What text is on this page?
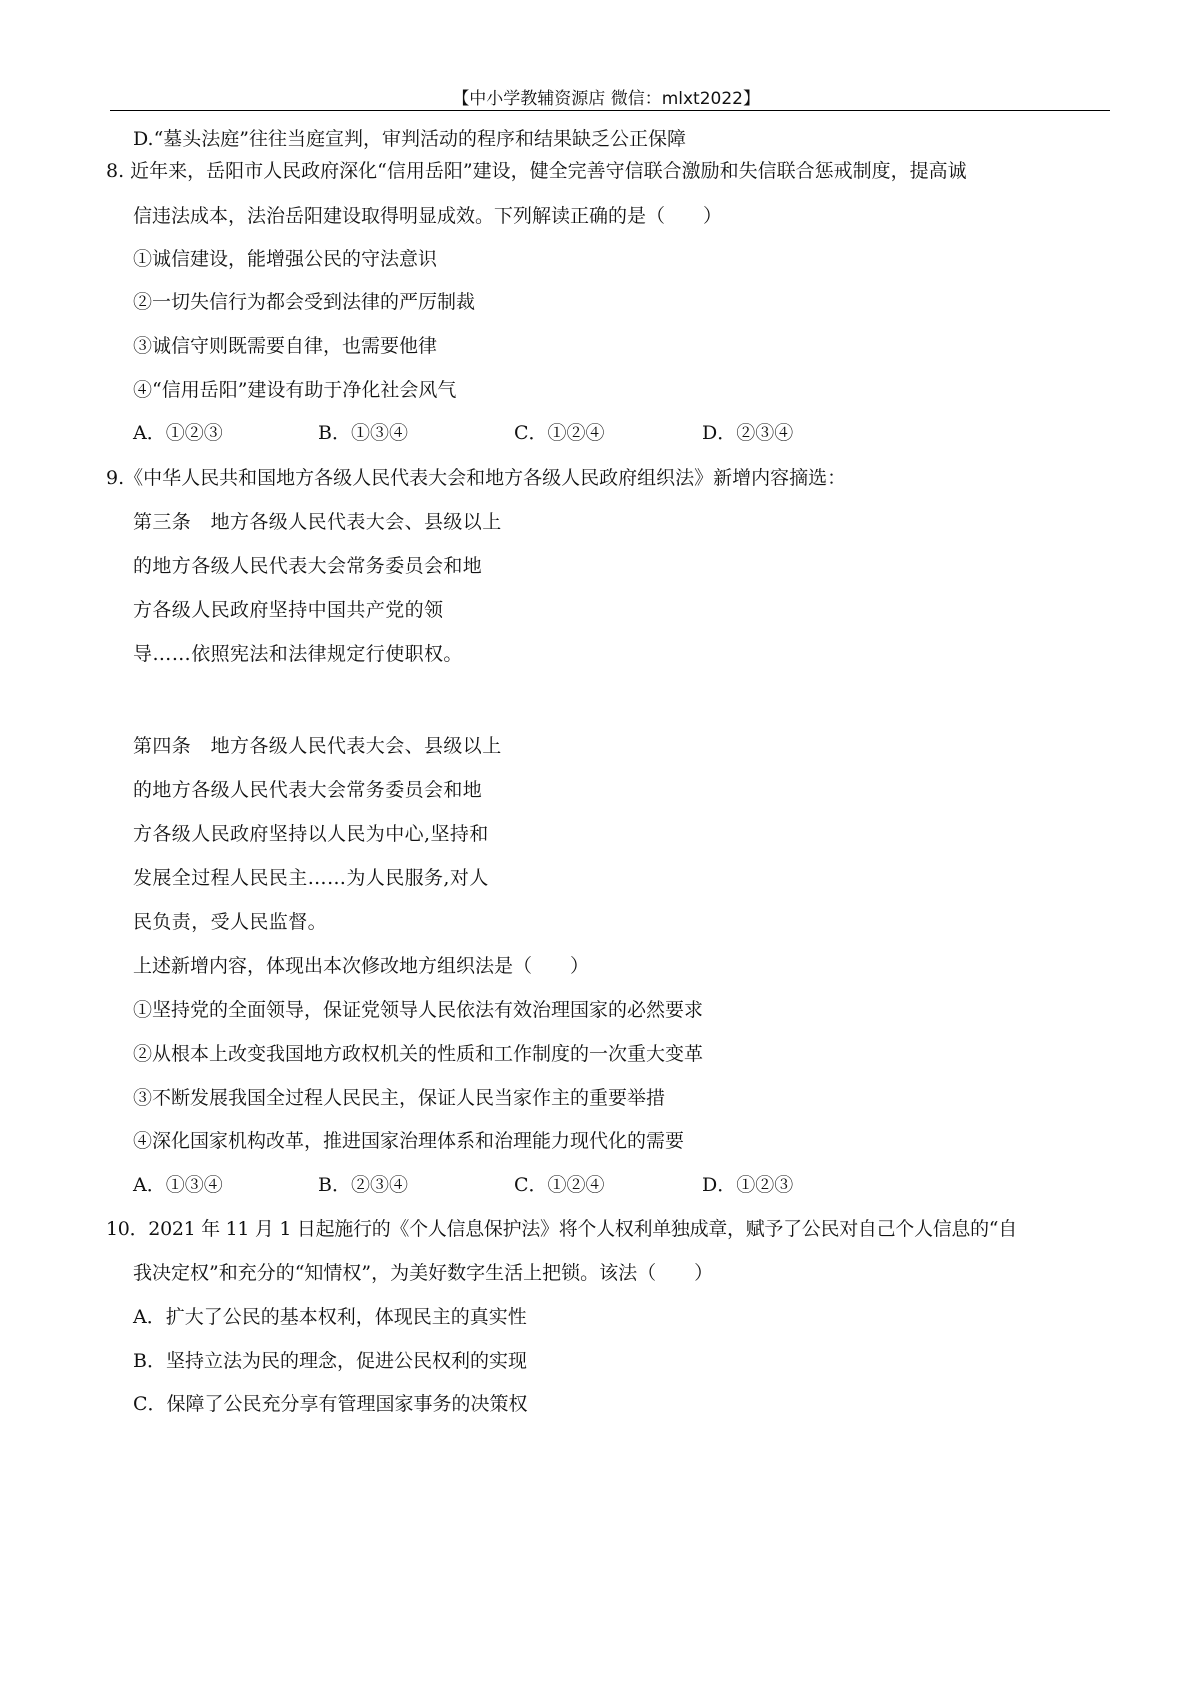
【中小学教辅资源店 微信：mlxt2022】
D.“墓头法庭”往往当庭宣判，审判活动的程序和结果缺乏公正保障
8. 近年来，岳阳市人民政府深化“信用岳阳”建设，健全完善守信联合激励和失信联合惩戒制度，提高诚
信违法成本，法治岳阳建设取得明显成效。下列解读正确的是（　　）
①诚信建设，能增强公民的守法意识
②一切失信行为都会受到法律的严厉制裁
③诚信守则既需要自律，也需要他律
④“信用岳阳”建设有助于净化社会风气
A．①②③	B．①③④	C．①②④	D．②③④
9.《中华人民共和国地方各级人民代表大会和地方各级人民政府组织法》新增内容摘选：
第三条　地方各级人民代表大会、县级以上
的地方各级人民代表大会常务委员会和地
方各级人民政府坚持中国共产党的领
导……依照宪法和法律规定行使职权。
第四条　地方各级人民代表大会、县级以上
的地方各级人民代表大会常务委员会和地
方各级人民政府坚持以人民为中心,坚持和
发展全过程人民民主……为人民服务,对人
民负责，受人民监督。
上述新增内容，体现出本次修改地方组织法是（　　）
①坚持党的全面领导，保证党领导人民依法有效治理国家的必然要求
②从根本上改变我国地方政权机关的性质和工作制度的一次重大变革
③不断发展我国全过程人民民主，保证人民当家作主的重要举措
④深化国家机构改革，推进国家治理体系和治理能力现代化的需要
A．①③④	B．②③④	C．①②④	D．①②③
10．2021 年 11 月 1 日起施行的《个人信息保护法》将个人权利单独成章，赋予了公民对自己个人信息的“自
我决定权”和充分的“知情权”，为美好数字生活上把锁。该法（　　）
A．扩大了公民的基本权利，体现民主的真实性
B．坚持立法为民的理念，促进公民权利的实现
C．保障了公民充分享有管理国家事务的决策权
